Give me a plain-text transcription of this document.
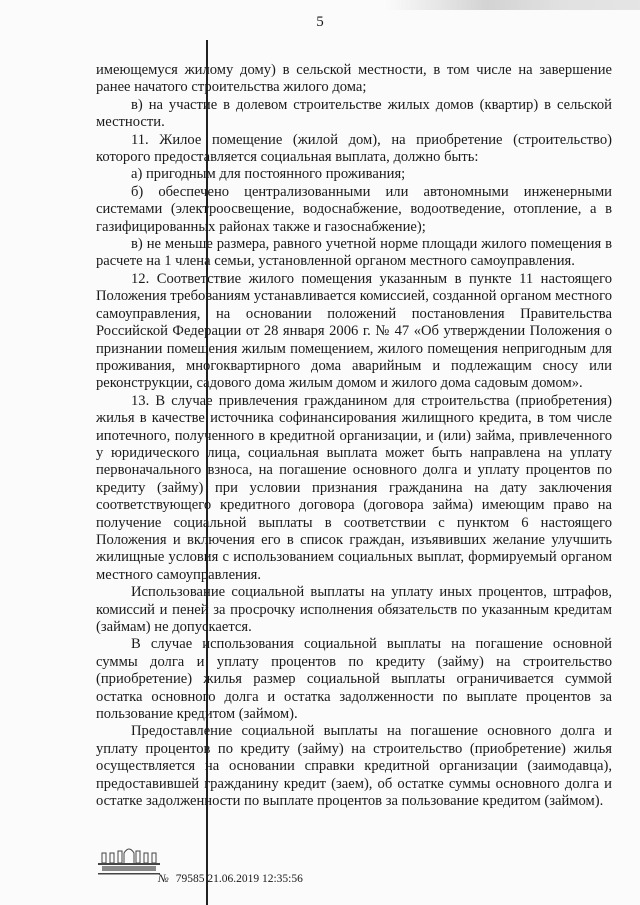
5

имеющемуся жилому дому) в сельской местности, в том числе на завершение ранее начатого строительства жилого дома;

в) на участие в долевом строительстве жилых домов (квартир) в сельской местности.

11. Жилое помещение (жилой дом), на приобретение (строительство) которого предоставляется социальная выплата, должно быть:

а) пригодным для постоянного проживания;

б) обеспечено централизованными или автономными инженерными системами (электроосвещение, водоснабжение, водоотведение, отопление, а в газифицированных районах также и газоснабжение);

в) не меньше размера, равного учетной норме площади жилого помещения в расчете на 1 члена семьи, установленной органом местного самоуправления.

12. Соответствие жилого помещения указанным в пункте 11 настоящего Положения требованиям устанавливается комиссией, созданной органом местного самоуправления, на основании положений постановления Правительства Российской Федерации от 28 января 2006 г. № 47 «Об утверждении Положения о признании помещения жилым помещением, жилого помещения непригодным для проживания, многоквартирного дома аварийным и подлежащим сносу или реконструкции, садового дома жилым домом и жилого дома садовым домом».

13. В случае привлечения гражданином для строительства (приобретения) жилья в качестве источника софинансирования жилищного кредита, в том числе ипотечного, полученного в кредитной организации, и (или) займа, привлеченного у юридического лица, социальная выплата может быть направлена на уплату первоначального взноса, на погашение основного долга и уплату процентов по кредиту (займу) при условии признания гражданина на дату заключения соответствующего кредитного договора (договора займа) имеющим право на получение социальной выплаты в соответствии с пунктом 6 настоящего Положения и включения его в список граждан, изъявивших желание улучшить жилищные условия с использованием социальных выплат, формируемый органом местного самоуправления.

Использование социальной выплаты на уплату иных процентов, штрафов, комиссий и пеней за просрочку исполнения обязательств по указанным кредитам (займам) не допускается.

В случае использования социальной выплаты на погашение основной суммы долга и уплату процентов по кредиту (займу) на строительство (приобретение) жилья размер социальной выплаты ограничивается суммой остатка основного долга и остатка задолженности по выплате процентов за пользование кредитом (займом).

Предоставление социальной выплаты на погашение основного долга и уплату процентов по кредиту (займу) на строительство (приобретение) жилья осуществляется на основании справки кредитной организации (заимодавца), предоставившей гражданину кредит (заем), об остатке суммы основного долга и остатке задолженности по выплате процентов за пользование кредитом (займом).

№ 79585 21.06.2019 12:35:56
